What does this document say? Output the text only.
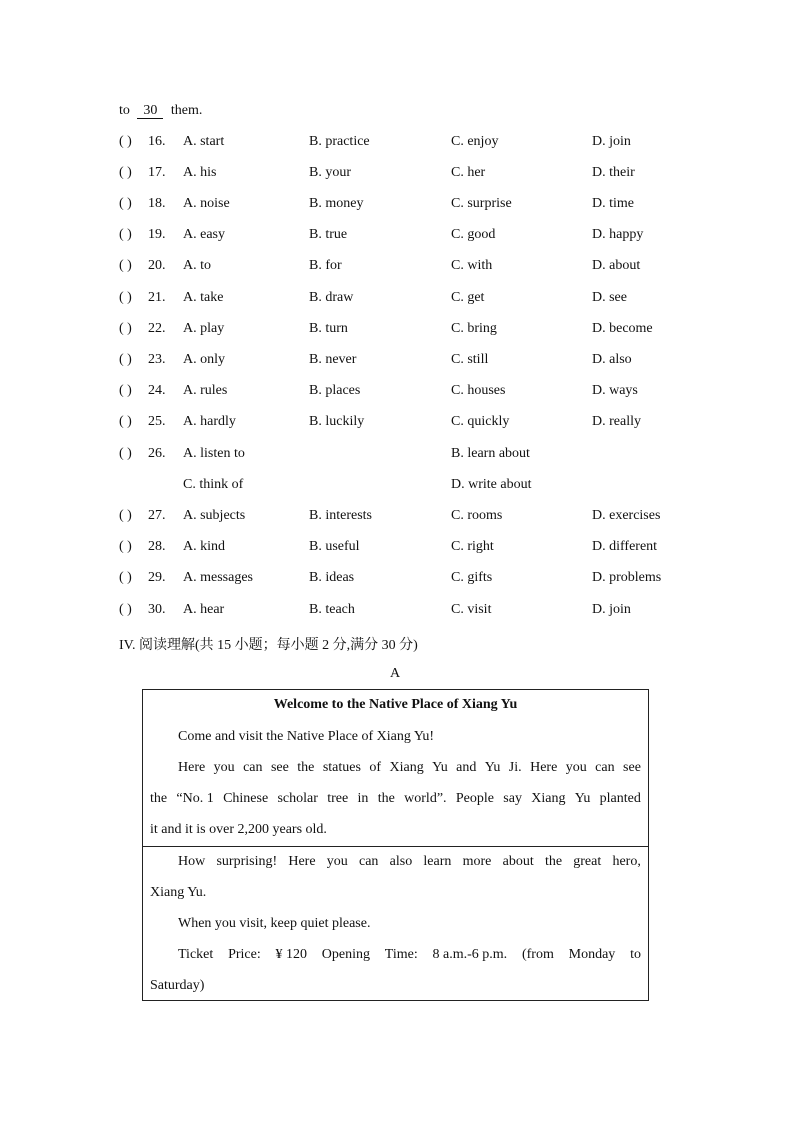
to 30 them.
( ) 16. A. start	B. practice	C. enjoy	D. join
( ) 17. A. his	B. your	C. her	D. their
( ) 18. A. noise	B. money	C. surprise	D. time
( ) 19. A. easy	B. true	C. good	D. happy
( ) 20. A. to	B. for	C. with	D. about
( ) 21. A. take	B. draw	C. get	D. see
( ) 22. A. play	B. turn	C. bring	D. become
( ) 23. A. only	B. never	C. still	D. also
( ) 24. A. rules	B. places	C. houses	D. ways
( ) 25. A. hardly	B. luckily	C. quickly	D. really
( ) 26. A. listen to	B. learn about
C. think of	D. write about
( ) 27. A. subjects	B. interests	C. rooms	D. exercises
( ) 28. A. kind	B. useful	C. right	D. different
( ) 29. A. messages	B. ideas	C. gifts	D. problems
( ) 30. A. hear	B. teach	C. visit	D. join
IV. 阅读理解(共 15 小题；每小题 2 分,满分 30 分)
A
Welcome to the Native Place of Xiang Yu
Come and visit the Native Place of Xiang Yu!
Here you can see the statues of Xiang Yu and Yu Ji. Here you can see
the “No. 1 Chinese scholar tree in the world”. People say Xiang Yu planted
it and it is over 2,200 years old.
How surprising! Here you can also learn more about the great hero,
Xiang Yu.
When you visit, keep quiet please.
Ticket Price: ¥ 120 Opening Time: 8 a.m.-6 p.m. (from Monday to
Saturday)
